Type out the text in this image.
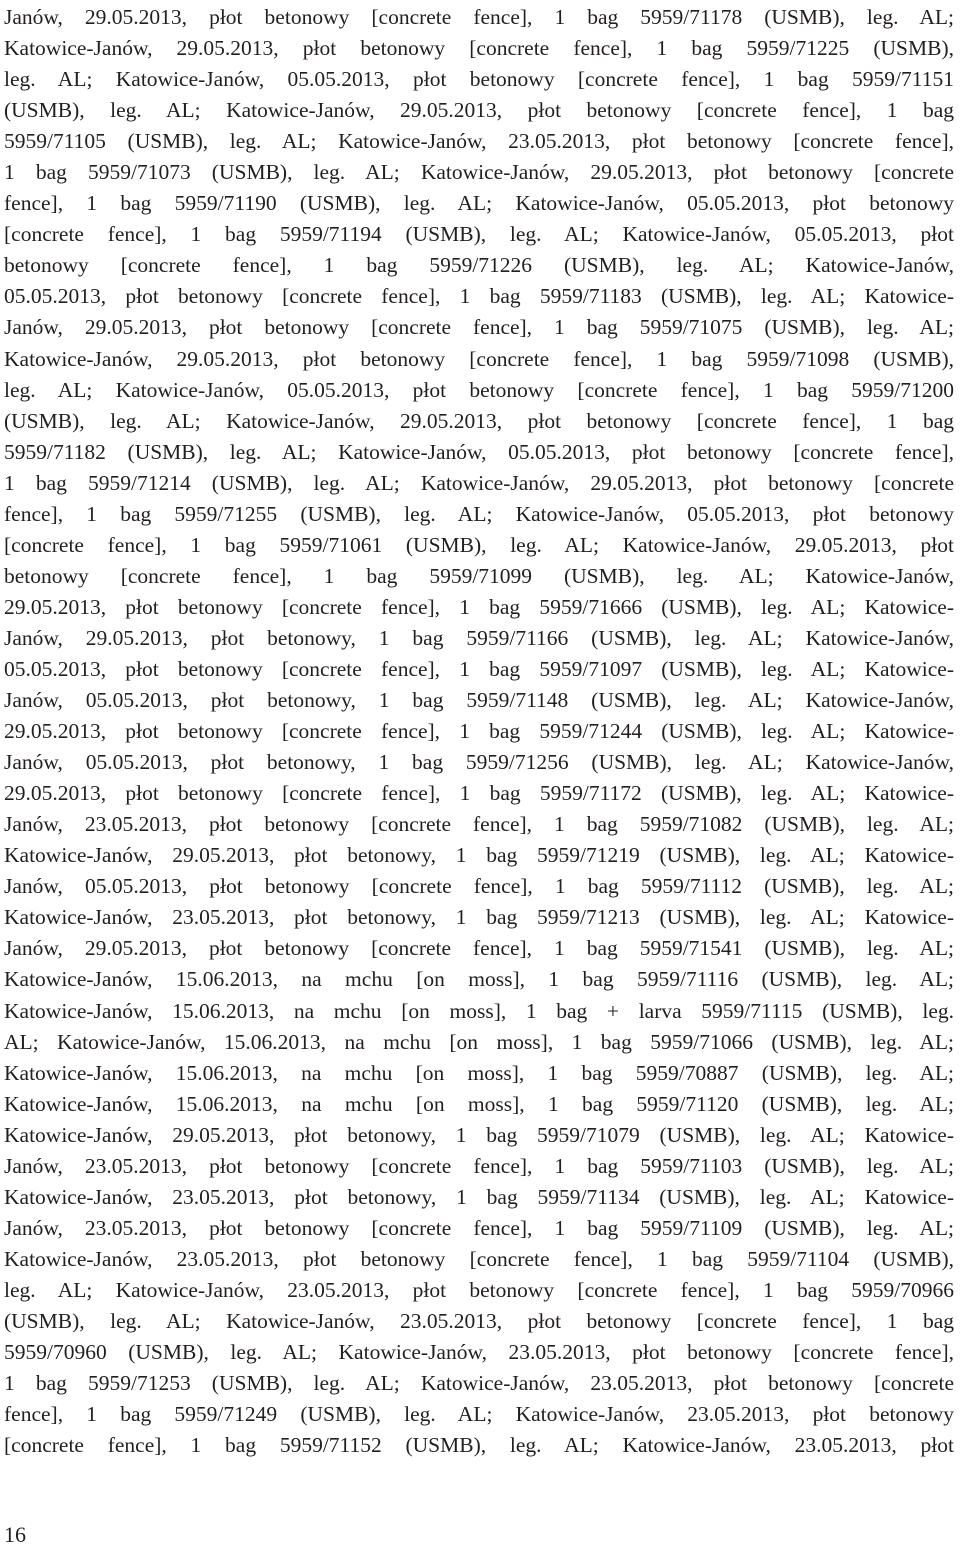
Janów, 29.05.2013, płot betonowy [concrete fence], 1 bag 5959/71178 (USMB), leg. AL;
Katowice-Janów, 29.05.2013, płot betonowy [concrete fence], 1 bag 5959/71225 (USMB),
leg. AL; Katowice-Janów, 05.05.2013, płot betonowy [concrete fence], 1 bag 5959/71151
(USMB), leg. AL; Katowice-Janów, 29.05.2013, płot betonowy [concrete fence], 1 bag
5959/71105 (USMB), leg. AL; Katowice-Janów, 23.05.2013, płot betonowy [concrete fence],
1 bag 5959/71073 (USMB), leg. AL; Katowice-Janów, 29.05.2013, płot betonowy [concrete
fence], 1 bag 5959/71190 (USMB), leg. AL; Katowice-Janów, 05.05.2013, płot betonowy
[concrete fence], 1 bag 5959/71194 (USMB), leg. AL; Katowice-Janów, 05.05.2013, płot
betonowy [concrete fence], 1 bag 5959/71226 (USMB), leg. AL; Katowice-Janów,
05.05.2013, płot betonowy [concrete fence], 1 bag 5959/71183 (USMB), leg. AL; Katowice-
Janów, 29.05.2013, płot betonowy [concrete fence], 1 bag 5959/71075 (USMB), leg. AL;
Katowice-Janów, 29.05.2013, płot betonowy [concrete fence], 1 bag 5959/71098 (USMB),
leg. AL; Katowice-Janów, 05.05.2013, płot betonowy [concrete fence], 1 bag 5959/71200
(USMB), leg. AL; Katowice-Janów, 29.05.2013, płot betonowy [concrete fence], 1 bag
5959/71182 (USMB), leg. AL; Katowice-Janów, 05.05.2013, płot betonowy [concrete fence],
1 bag 5959/71214 (USMB), leg. AL; Katowice-Janów, 29.05.2013, płot betonowy [concrete
fence], 1 bag 5959/71255 (USMB), leg. AL; Katowice-Janów, 05.05.2013, płot betonowy
[concrete fence], 1 bag 5959/71061 (USMB), leg. AL; Katowice-Janów, 29.05.2013, płot
betonowy [concrete fence], 1 bag 5959/71099 (USMB), leg. AL; Katowice-Janów,
29.05.2013, płot betonowy [concrete fence], 1 bag 5959/71666 (USMB), leg. AL; Katowice-
Janów, 29.05.2013, płot betonowy, 1 bag 5959/71166 (USMB), leg. AL; Katowice-Janów,
05.05.2013, płot betonowy [concrete fence], 1 bag 5959/71097 (USMB), leg. AL; Katowice-
Janów, 05.05.2013, płot betonowy, 1 bag 5959/71148 (USMB), leg. AL; Katowice-Janów,
29.05.2013, płot betonowy [concrete fence], 1 bag 5959/71244 (USMB), leg. AL; Katowice-
Janów, 05.05.2013, płot betonowy, 1 bag 5959/71256 (USMB), leg. AL; Katowice-Janów,
29.05.2013, płot betonowy [concrete fence], 1 bag 5959/71172 (USMB), leg. AL; Katowice-
Janów, 23.05.2013, płot betonowy [concrete fence], 1 bag 5959/71082 (USMB), leg. AL;
Katowice-Janów, 29.05.2013, płot betonowy, 1 bag 5959/71219 (USMB), leg. AL; Katowice-
Janów, 05.05.2013, płot betonowy [concrete fence], 1 bag 5959/71112 (USMB), leg. AL;
Katowice-Janów, 23.05.2013, płot betonowy, 1 bag 5959/71213 (USMB), leg. AL; Katowice-
Janów, 29.05.2013, płot betonowy [concrete fence], 1 bag 5959/71541 (USMB), leg. AL;
Katowice-Janów, 15.06.2013, na mchu [on moss], 1 bag 5959/71116 (USMB), leg. AL;
Katowice-Janów, 15.06.2013, na mchu [on moss], 1 bag + larva 5959/71115 (USMB), leg.
AL; Katowice-Janów, 15.06.2013, na mchu [on moss], 1 bag 5959/71066 (USMB), leg. AL;
Katowice-Janów, 15.06.2013, na mchu [on moss], 1 bag 5959/70887 (USMB), leg. AL;
Katowice-Janów, 15.06.2013, na mchu [on moss], 1 bag 5959/71120 (USMB), leg. AL;
Katowice-Janów, 29.05.2013, płot betonowy, 1 bag 5959/71079 (USMB), leg. AL; Katowice-
Janów, 23.05.2013, płot betonowy [concrete fence], 1 bag 5959/71103 (USMB), leg. AL;
Katowice-Janów, 23.05.2013, płot betonowy, 1 bag 5959/71134 (USMB), leg. AL; Katowice-
Janów, 23.05.2013, płot betonowy [concrete fence], 1 bag 5959/71109 (USMB), leg. AL;
Katowice-Janów, 23.05.2013, płot betonowy [concrete fence], 1 bag 5959/71104 (USMB),
leg. AL; Katowice-Janów, 23.05.2013, płot betonowy [concrete fence], 1 bag 5959/70966
(USMB), leg. AL; Katowice-Janów, 23.05.2013, płot betonowy [concrete fence], 1 bag
5959/70960 (USMB), leg. AL; Katowice-Janów, 23.05.2013, płot betonowy [concrete fence],
1 bag 5959/71253 (USMB), leg. AL; Katowice-Janów, 23.05.2013, płot betonowy [concrete
fence], 1 bag 5959/71249 (USMB), leg. AL; Katowice-Janów, 23.05.2013, płot betonowy
[concrete fence], 1 bag 5959/71152 (USMB), leg. AL; Katowice-Janów, 23.05.2013, płot
16
